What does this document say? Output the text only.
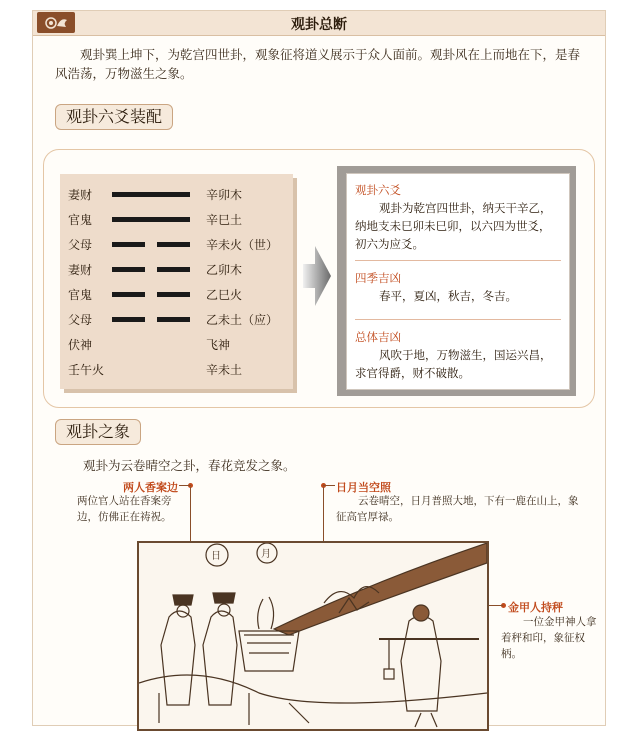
观卦总断
观卦巽上坤下，为乾宫四世卦，观象征将道义展示于众人面前。观卦风在上而地在下，是春风浩荡，万物滋生之象。
观卦六爻装配
妻财	辛卯木
官鬼	辛巳土
父母	辛未火（世）
妻财	乙卯木
官鬼	乙巳火
父母	乙未土（应）
伏神	飞神
壬午火	辛未土
观卦六爻
观卦为乾宫四世卦，纳天干辛乙，纳地支未巳卯未巳卯，以六四为世爻，初六为应爻。
四季吉凶
春平，夏凶，秋吉，冬吉。
总体吉凶
风吹于地，万物滋生，国运兴昌，求官得爵，财不破散。
观卦之象
观卦为云卷晴空之卦，春花竞发之象。
两人香案边
两位官人站在香案旁边，仿佛正在祷祝。
日月当空照
云卷晴空，日月普照大地，下有一鹿在山上，象征高官厚禄。
金甲人持秤
一位金甲神人拿着秤和印，象征权柄。
日	月
